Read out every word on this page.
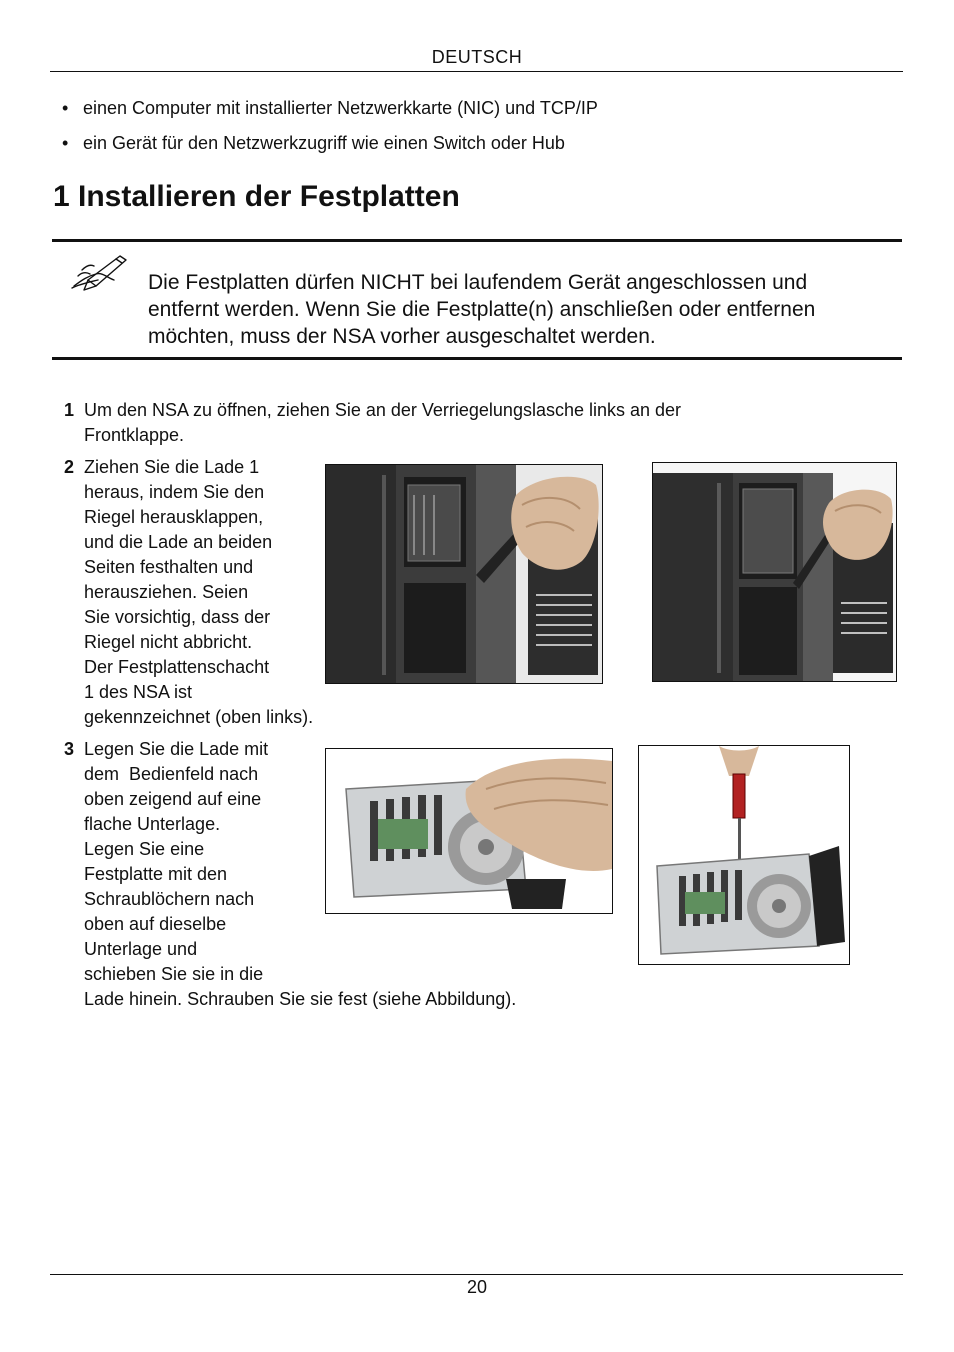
DEUTSCH
• einen Computer mit installierter Netzwerkkarte (NIC) und TCP/IP
• ein Gerät für den Netzwerkzugriff wie einen Switch oder Hub
1 Installieren der Festplatten
Die Festplatten dürfen NICHT bei laufendem Gerät angeschlossen und
entfernt werden. Wenn Sie die Festplatte(n) anschließen oder entfernen
möchten, muss der NSA vorher ausgeschaltet werden.
1 Um den NSA zu öffnen, ziehen Sie an der Verriegelungslasche links an der
Frontklappe.
2 Ziehen Sie die Lade 1
heraus, indem Sie den
Riegel herausklappen,
und die Lade an beiden
Seiten festhalten und
herausziehen. Seien
Sie vorsichtig, dass der
Riegel nicht abbricht.
Der Festplattenschacht
1 des NSA ist
gekennzeichnet (oben links).
3 Legen Sie die Lade mit
dem  Bedienfeld nach
oben zeigend auf eine
flache Unterlage.
Legen Sie eine
Festplatte mit den
Schraublöchern nach
oben auf dieselbe
Unterlage und
schieben Sie sie in die
Lade hinein. Schrauben Sie sie fest (siehe Abbildung).
20
